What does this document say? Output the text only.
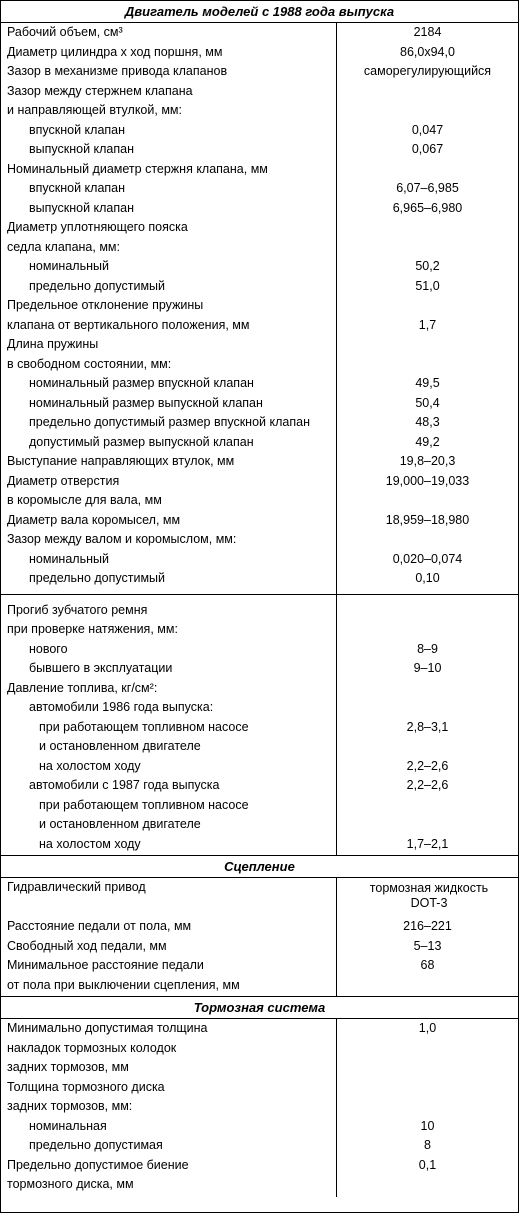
Двигатель моделей с 1988 года выпуска
Рабочий объем, см³	2184
Диаметр цилиндра х ход поршня, мм	86,0x94,0
Зазор в механизме привода клапанов	саморегулирующийся
Зазор между стержнем клапана
и направляющей втулкой, мм:
впускной клапан	0,047
выпускной клапан	0,067
Номинальный диаметр стержня клапана, мм
впускной клапан	6,07–6,985
выпускной клапан	6,965–6,980
Диаметр уплотняющего пояска
седла клапана, мм:
номинальный	50,2
предельно допустимый	51,0
Предельное отклонение пружины
клапана от вертикального положения, мм	1,7
Длина пружины
в свободном состоянии, мм:
номинальный размер впускной клапан	49,5
номинальный размер выпускной клапан	50,4
предельно допустимый размер впускной клапан	48,3
допустимый размер выпускной клапан	49,2
Выступание направляющих втулок, мм	19,8–20,3
Диаметр отверстия	19,000–19,033
в коромысле для вала, мм
Диаметр вала коромысел, мм	18,959–18,980
Зазор между валом и коромыслом, мм:
номинальный	0,020–0,074
предельно допустимый	0,10
Прогиб зубчатого ремня
при проверке натяжения, мм:
нового	8–9
бывшего в эксплуатации	9–10
Давление топлива, кг/см²:
автомобили 1986 года выпуска:
при работающем топливном насосе	2,8–3,1
и остановленном двигателе
на холостом ходу	2,2–2,6
автомобили с 1987 года выпуска	2,2–2,6
при работающем топливном насосе
и остановленном двигателе
на холостом ходу	1,7–2,1
Сцепление
Гидравлический привод	тормозная жидкость DOT-3
Расстояние педали от пола, мм	216–221
Свободный ход педали, мм	5–13
Минимальное расстояние педали	68
от пола при выключении сцепления, мм
Тормозная система
Минимально допустимая толщина	1,0
накладок тормозных колодок
задних тормозов, мм
Толщина тормозного диска
задних тормозов, мм:
номинальная	10
предельно допустимая	8
Предельно допустимое биение	0,1
тормозного диска, мм
